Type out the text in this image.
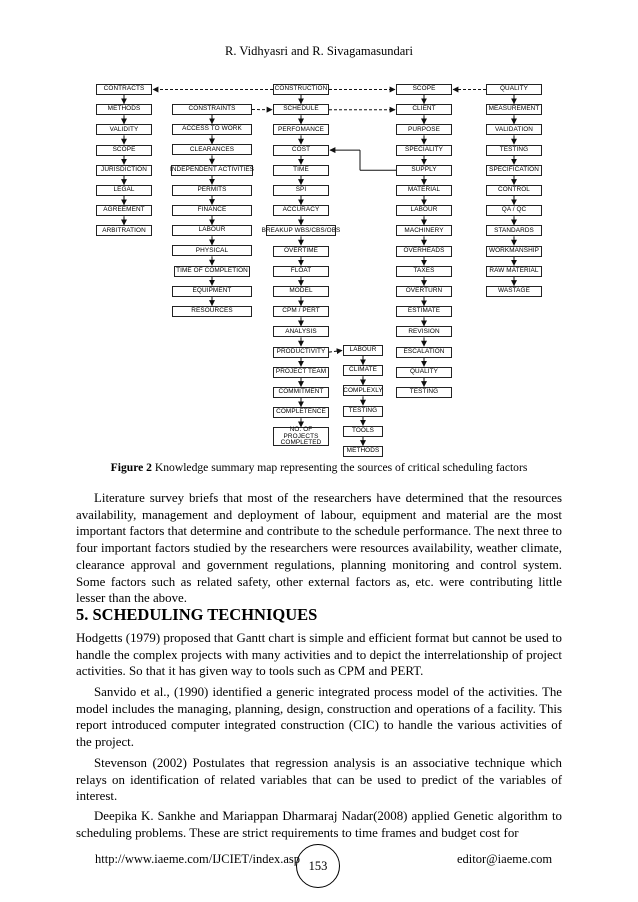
R. Vidhyasri and R. Sivagamasundari
CONTRACTS
METHODS
VALIDITY
SCOPE
JURISDICTION
LEGAL
AGREEMENT
ARBITRATION
CONSTRAINTS
ACCESS TO WORK
CLEARANCES
INDEPENDENT ACTIVITIES
PERMITS
FINANCE
LABOUR
PHYSICAL
TIME OF COMPLETION
EQUIPMENT
RESOURCES
CONSTRUCTION
SCHEDULE
PERFOMANCE
COST
TIME
SPI
ACCURACY
BREAKUP WBS/CBS/OBS
OVERTIME
FLOAT
MODEL
CPM / PERT
ANALYSIS
PRODUCTIVITY
PROJECT TEAM
COMMITMENT
COMPLETENCE
NO. OF PROJECTS COMPLETED
LABOUR
CLIMATE
COMPLEXLY
TESTING
TOOLS
METHODS
SCOPE
CLIENT
PURPOSE
SPECIALITY
SUPPLY
MATERIAL
LABOUR
MACHINERY
OVERHEADS
TAXES
OVERTURN
ESTIMATE
REVISION
ESCALATION
QUALITY
TESTING
QUALITY
MEASUREMENT
VALIDATION
TESTING
SPECIFICATION
CONTROL
QA / QC
STANDARDS
WORKMANSHIP
RAW MATERIAL
WASTAGE
Figure 2 Knowledge summary map representing the sources of critical scheduling factors

Literature survey briefs that most of the researchers have determined that the resources availability, management and deployment of labour, equipment and material are the most important factors that determine and contribute to the schedule performance. The next three to four important factors studied by the researchers were resources availability, weather climate, clearance approval and government regulations, planning monitoring and control system. Some factors such as related safety, other external factors as, etc. were contributing little lesser than the above.

5. SCHEDULING TECHNIQUES

Hodgetts (1979) proposed that Gantt chart is simple and efficient format but cannot be used to handle the complex projects with many activities and to depict the interrelationship of project activities. So that it has given way to tools such as CPM and PERT.

Sanvido et al., (1990) identified a generic integrated process model of the activities. The model includes the managing, planning, design, construction and operations of a facility. This report introduced computer integrated construction (CIC) to handle the various activities of the project.

Stevenson (2002) Postulates that regression analysis is an associative technique which relays on identification of related variables that can be used to predict of the variables of interest.

Deepika K. Sankhe and Mariappan Dharmaraj Nadar(2008) applied Genetic algorithm to scheduling problems. These are strict requirements to time frames and budget cost for

http://www.iaeme.com/IJCIET/index.asp 153	editor@iaeme.com
